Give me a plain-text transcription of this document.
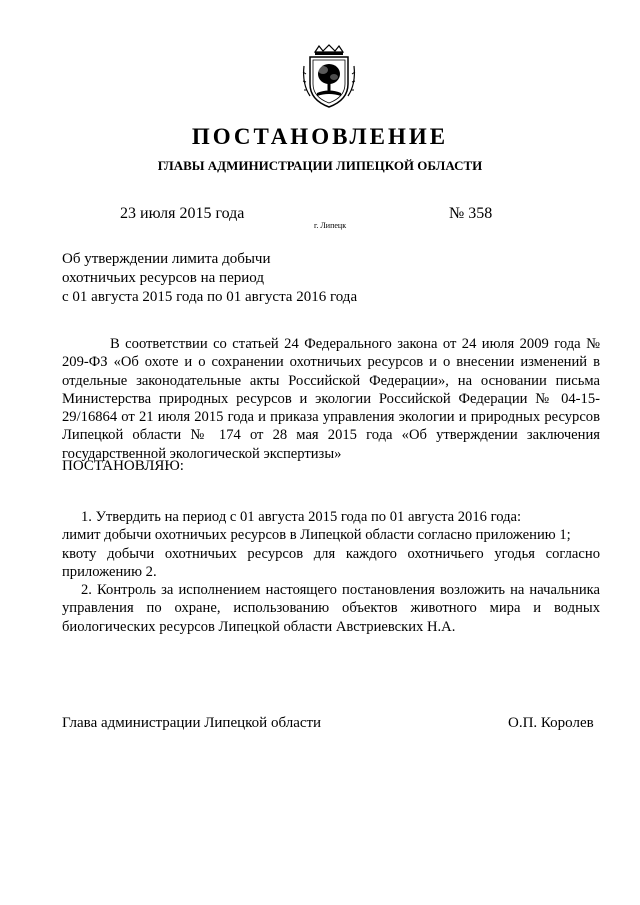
ПОСТАНОВЛЕНИЕ
ГЛАВЫ АДМИНИСТРАЦИИ ЛИПЕЦКОЙ ОБЛАСТИ
23 июля 2015 года
г. Липецк
№ 358
Об утверждении лимита добычи
охотничьих ресурсов на период
с 01 августа 2015 года по 01 августа 2016 года

В соответствии со статьей 24 Федерального закона от 24 июля 2009 года № 209-ФЗ «Об охоте и о сохранении охотничьих ресурсов и о внесении изменений в отдельные законодательные акты Российской Федерации», на основании письма Министерства природных ресурсов и экологии Российской Федерации № 04-15-29/16864 от 21 июля 2015 года и приказа управления экологии и природных ресурсов Липецкой области № 174 от 28 мая 2015 года «Об утверждении заключения государственной экологической экспертизы»

ПОСТАНОВЛЯЮ:

1. Утвердить на период с 01 августа 2015 года по 01 августа 2016 года:

лимит добычи охотничьих ресурсов в Липецкой области согласно приложению 1;

квоту добычи охотничьих ресурсов для каждого охотничьего угодья согласно приложению 2.

2. Контроль за исполнением настоящего постановления возложить на начальника управления по охране, использованию объектов животного мира и водных биологических ресурсов Липецкой области Австриевских Н.А.

Глава администрации Липецкой области	О.П. Королев
